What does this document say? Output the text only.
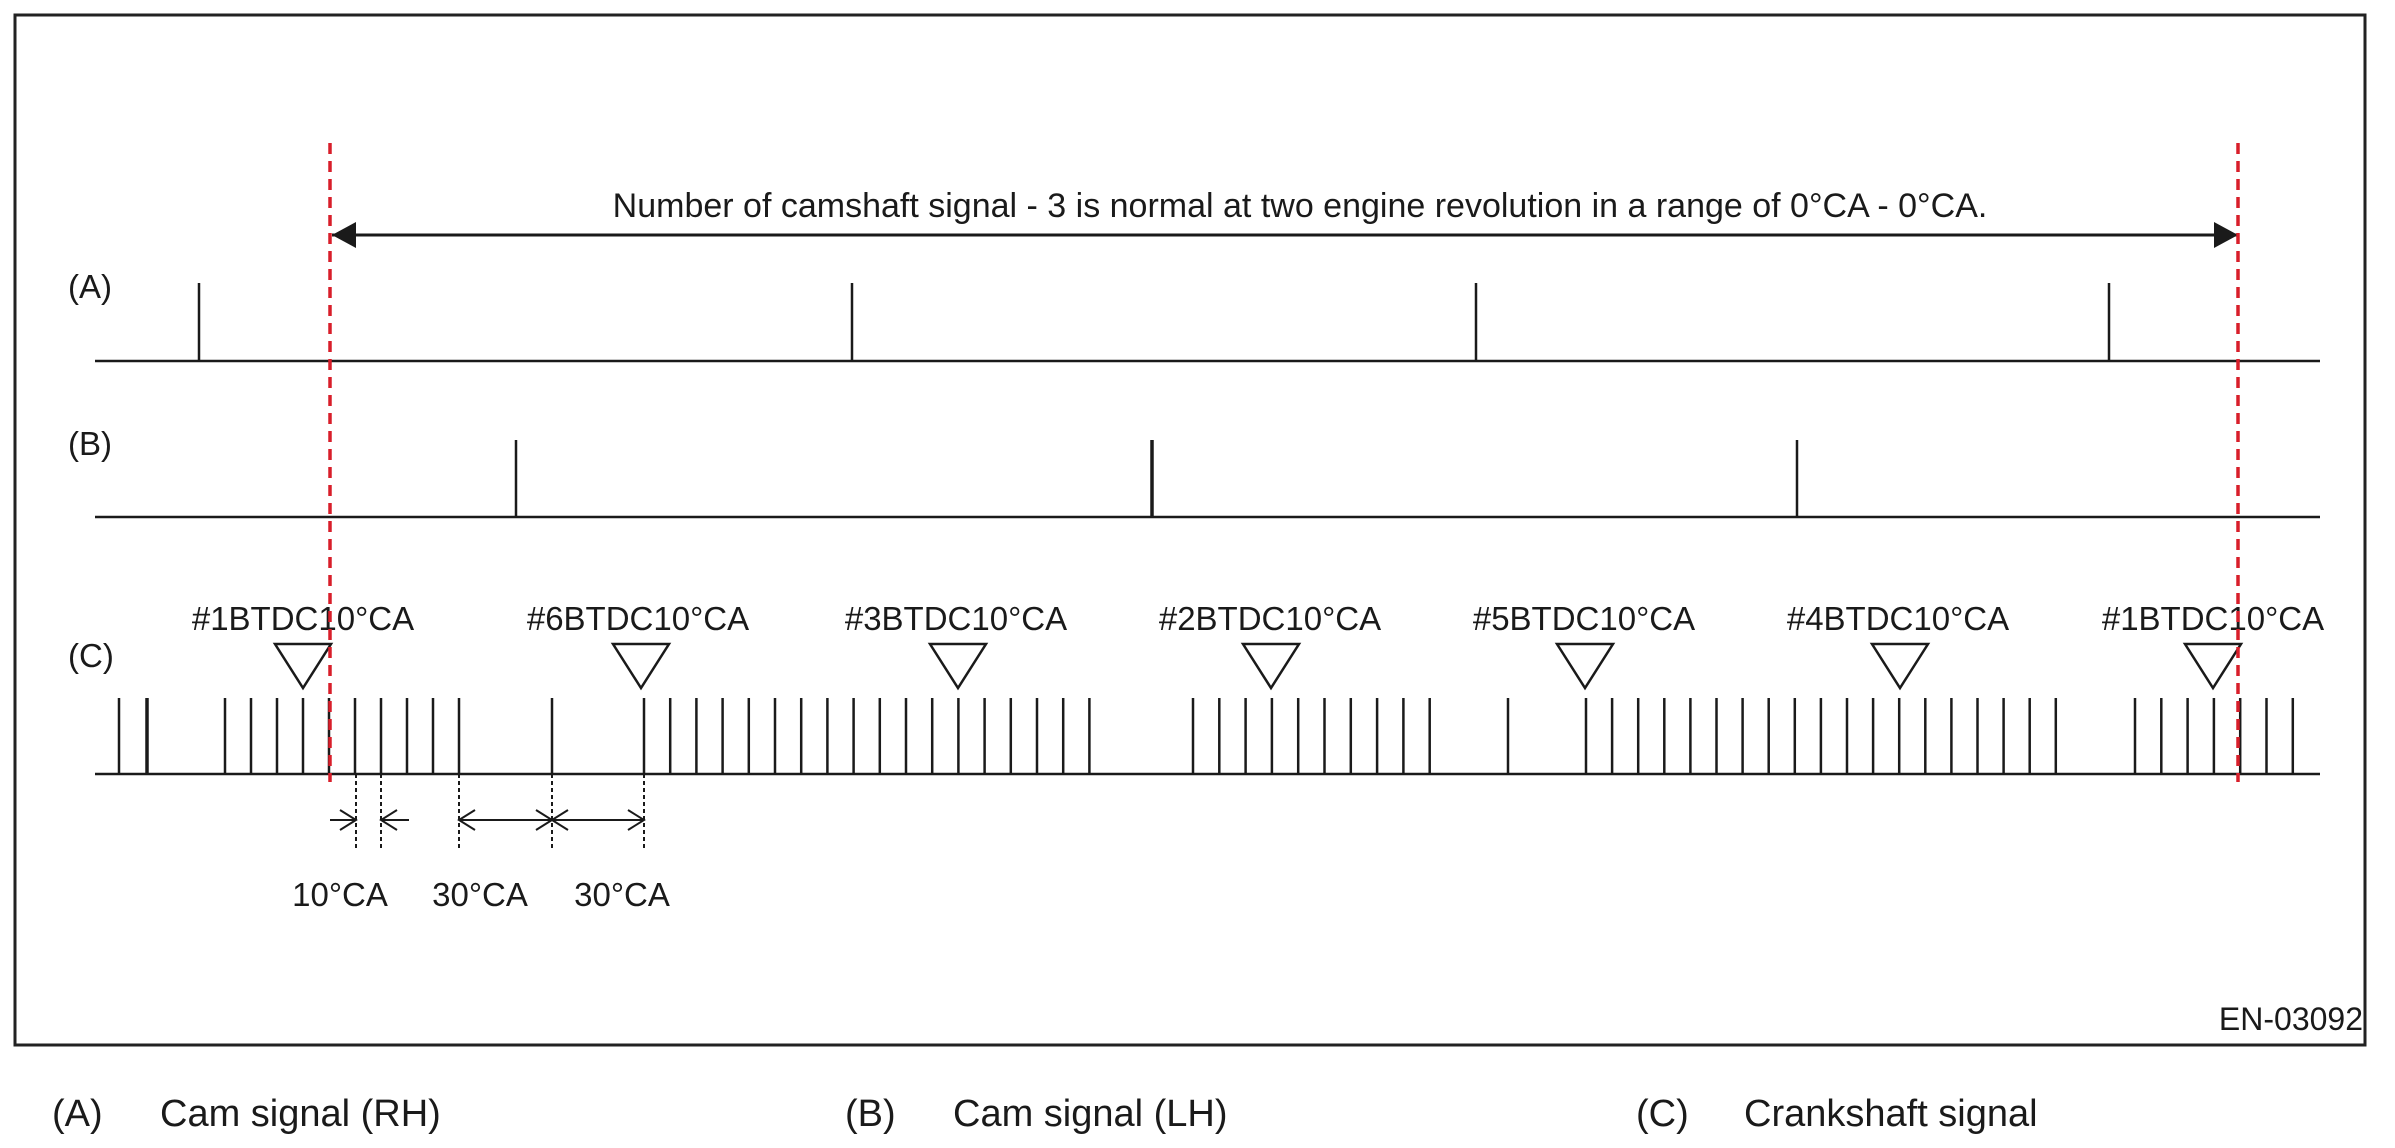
Number of camshaft signal - 3 is normal at two engine revolution in a range of 0°CA - 0°CA.
(A)
(B)
(C)
#1BTDC10°CA	#6BTDC10°CA	#3BTDC10°CA	#2BTDC10°CA	#5BTDC10°CA	#4BTDC10°CA	#1BTDC10°CA
10°CA 30°CA 30°CA
EN-03092
(A) Cam signal (RH)	(B) Cam signal (LH)	(C) Crankshaft signal
